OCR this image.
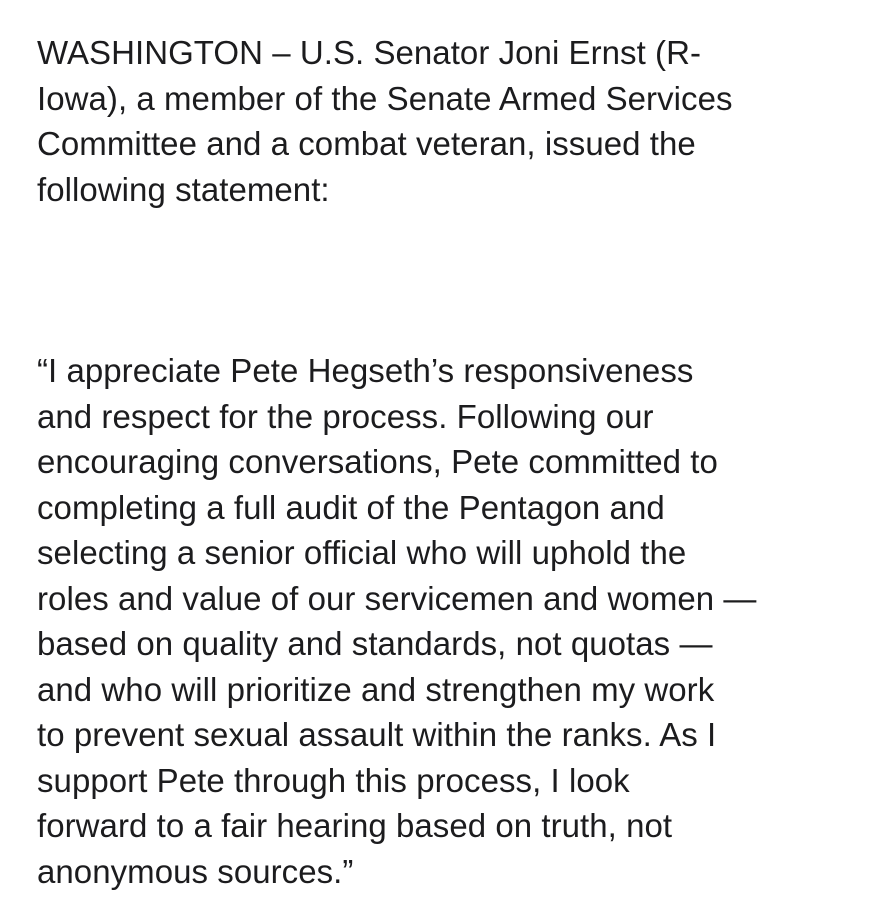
WASHINGTON – U.S. Senator Joni Ernst (R-
Iowa), a member of the Senate Armed Services
Committee and a combat veteran, issued the
following statement:

“I appreciate Pete Hegseth’s responsiveness
and respect for the process. Following our
encouraging conversations, Pete committed to
completing a full audit of the Pentagon and
selecting a senior official who will uphold the
roles and value of our servicemen and women —
based on quality and standards, not quotas —
and who will prioritize and strengthen my work
to prevent sexual assault within the ranks. As I
support Pete through this process, I look
forward to a fair hearing based on truth, not
anonymous sources.”
